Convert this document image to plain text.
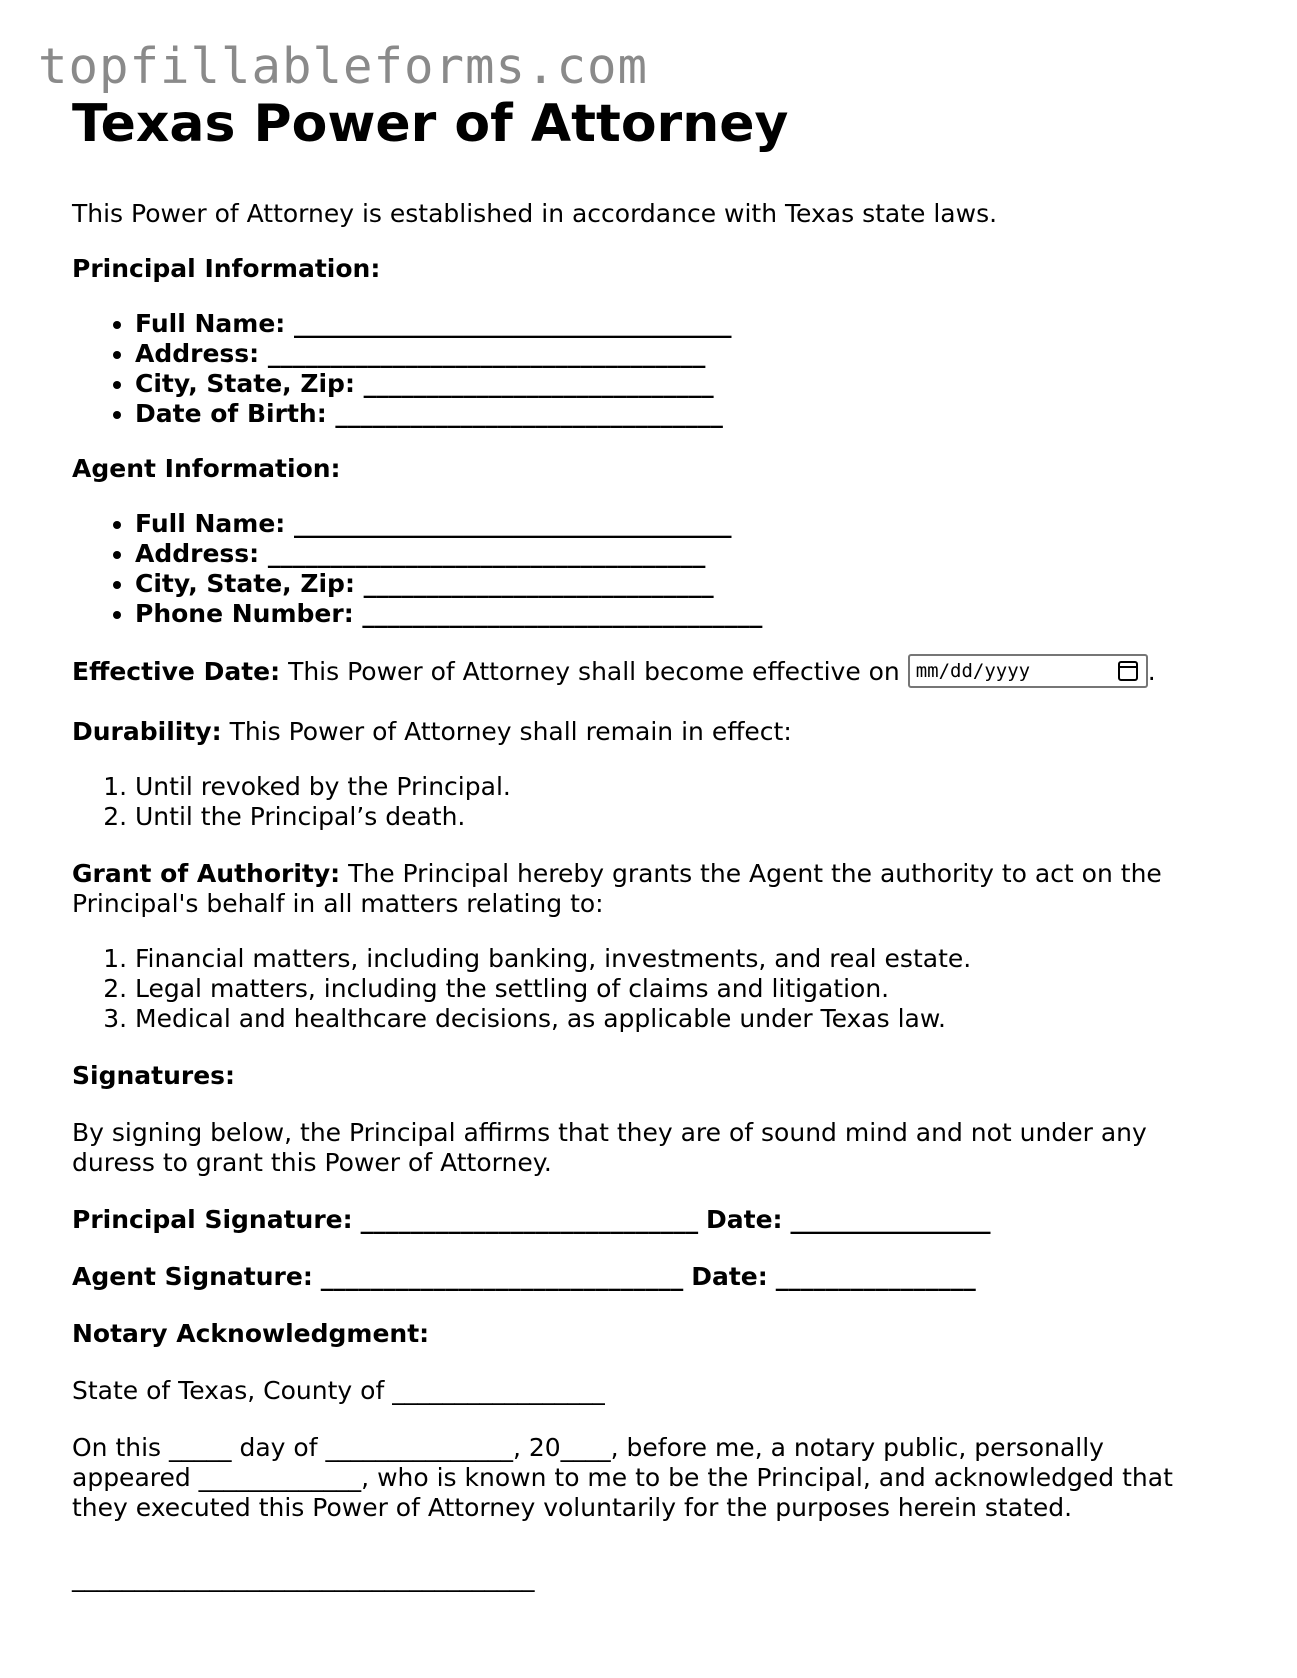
topfillableforms.com
Texas Power of Attorney

This Power of Attorney is established in accordance with Texas state laws.

Principal Information:

• Full Name: ___________________________________
• Address: ___________________________________
• City, State, Zip: ____________________________
• Date of Birth: _______________________________

Agent Information:

• Full Name: ___________________________________
• Address: ___________________________________
• City, State, Zip: ____________________________
• Phone Number: ________________________________

Effective Date: This Power of Attorney shall become effective on mm/dd/yyyy	.

Durability: This Power of Attorney shall remain in effect:

1. Until revoked by the Principal.
2. Until the Principal’s death.

Grant of Authority: The Principal hereby grants the Agent the authority to act on the Principal's behalf in all matters relating to:

1. Financial matters, including banking, investments, and real estate.
2. Legal matters, including the settling of claims and litigation.
3. Medical and healthcare decisions, as applicable under Texas law.

Signatures:

By signing below, the Principal affirms that they are of sound mind and not under any duress to grant this Power of Attorney.

Principal Signature: ___________________________ Date: ________________

Agent Signature: _____________________________ Date: ________________

Notary Acknowledgment:

State of Texas, County of _________________

On this _____ day of _______________, 20____, before me, a notary public, personally appeared _____________, who is known to me to be the Principal, and acknowledged that they executed this Power of Attorney voluntarily for the purposes herein stated.

_____________________________________
